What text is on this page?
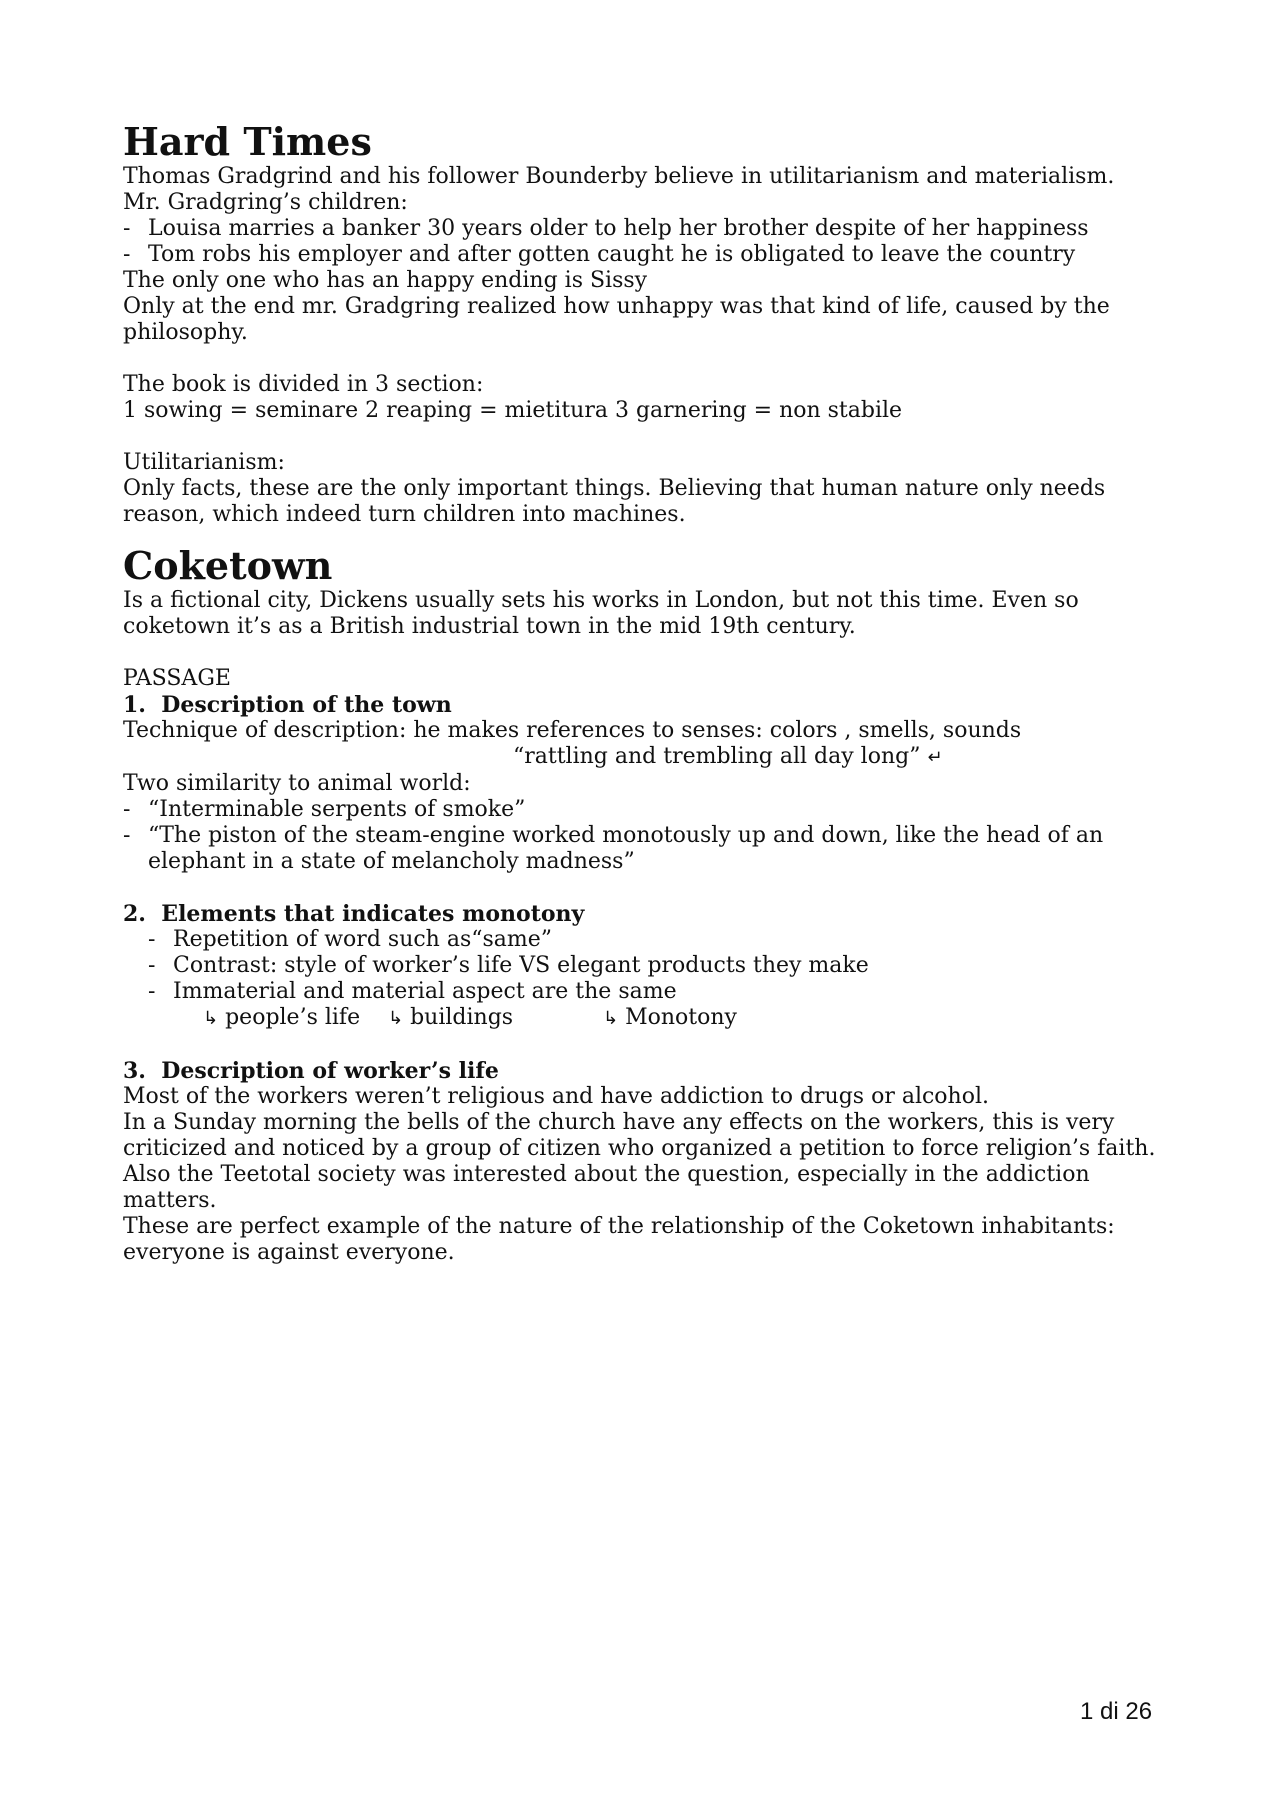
Hard Times

Thomas Gradgrind and his follower Bounderby believe in utilitarianism and materialism.

Mr. Gradgring’s children:

- Louisa marries a banker 30 years older to help her brother despite of her happiness
- Tom robs his employer and after gotten caught he is obligated to leave the country

The only one who has an happy ending is Sissy

Only at the end mr. Gradgring realized how unhappy was that kind of life, caused by the philosophy.

The book is divided in 3 section:

1 sowing = seminare 2 reaping = mietitura 3 garnering = non stabile

Utilitarianism:

Only facts, these are the only important things. Believing that human nature only needs reason, which indeed turn children into machines.

Coketown

Is a fictional city, Dickens usually sets his works in London, but not this time. Even so coketown it’s as a British industrial town in the mid 19th century.

PASSAGE

1. Description of the town

Technique of description: he makes references to senses: colors , smells, sounds

“rattling and trembling all day long” ↵

Two similarity to animal world:

- “Interminable serpents of smoke”
- “The piston of the steam-engine worked monotously up and down, like the head of an elephant in a state of melancholy madness”
2. Elements that indicates monotony
- Repetition of word such as“same”
- Contrast: style of worker’s life VS elegant products they make
- Immaterial and material aspect are the same

↳ people’s life ↳ buildings	↳ Monotony

3. Description of worker’s life

Most of the workers weren’t religious and have addiction to drugs or alcohol.

In a Sunday morning the bells of the church have any effects on the workers, this is very criticized and noticed by a group of citizen who organized a petition to force religion’s faith. Also the Teetotal society was interested about the question, especially in the addiction matters.

These are perfect example of the nature of the relationship of the Coketown inhabitants: everyone is against everyone.

1 di 26
